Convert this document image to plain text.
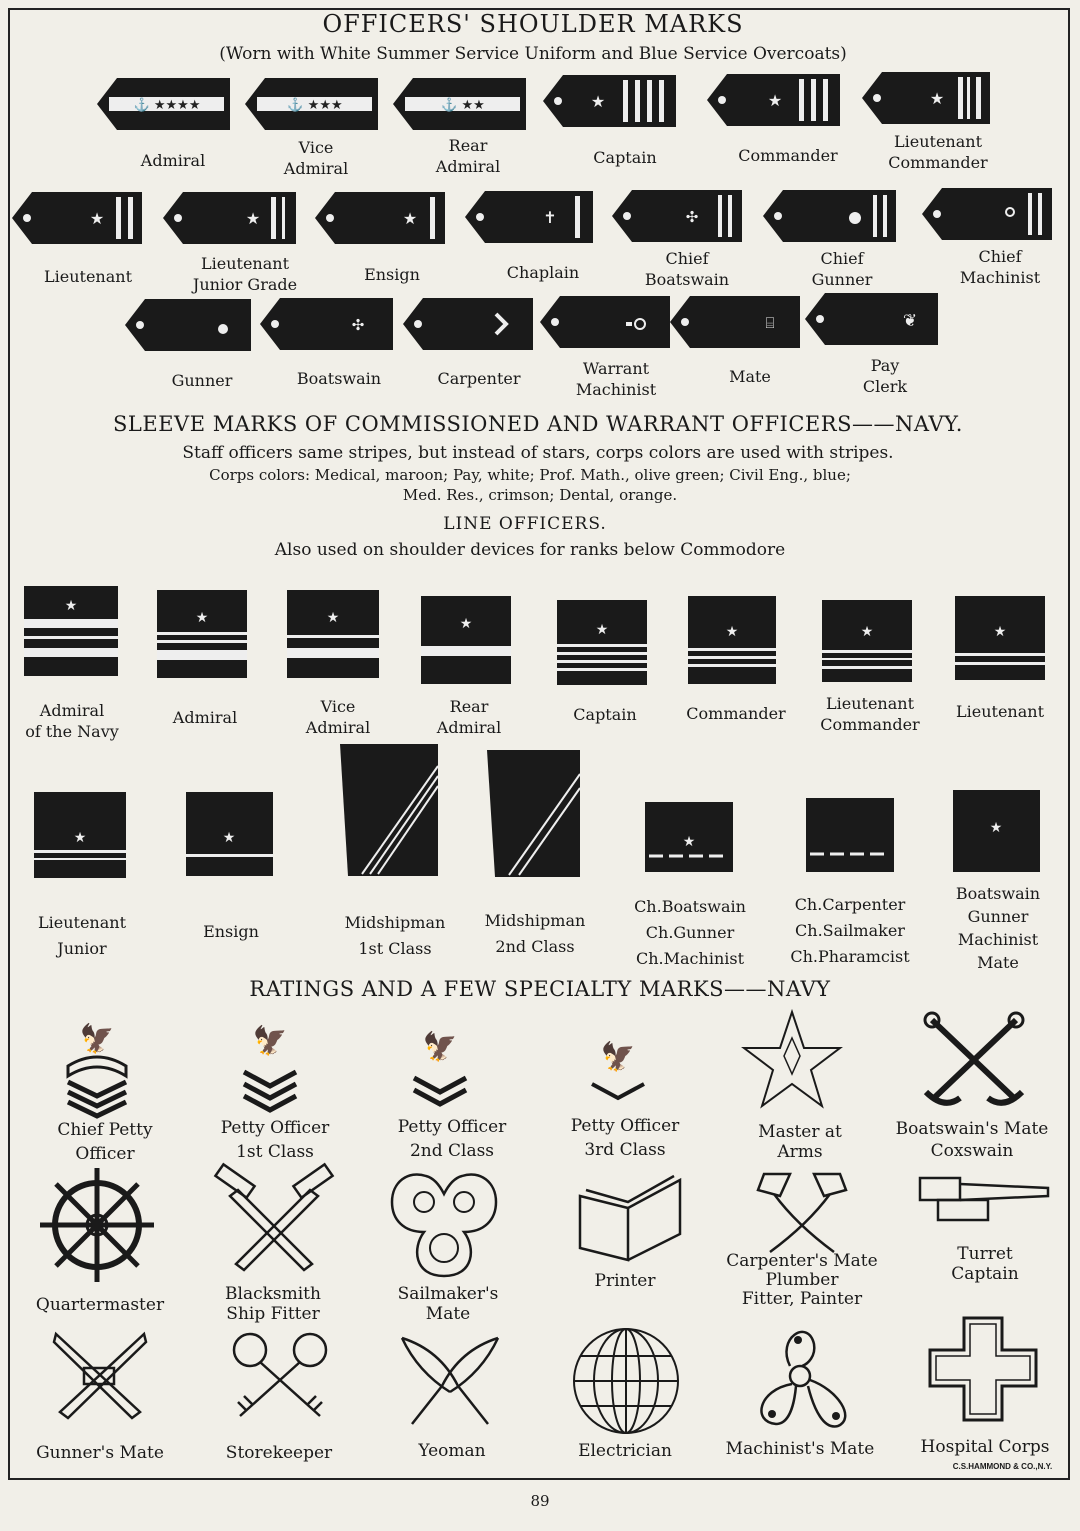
OFFICERS' SHOULDER MARKS
(Worn with White Summer Service Uniform and Blue Service Overcoats)
⚓ ★★★★
Admiral
⚓ ★★★
Vice
Admiral
⚓ ★★
Rear
Admiral
★
Captain
★
Commander
★
Lieutenant
Commander
★
Lieutenant
★
Lieutenant
Junior Grade
★
Ensign
✝
Chaplain
✣
Chief
Boatswain
Chief
Gunner
Chief
Machinist
Gunner
✣
Boatswain	Carpenter
Warrant
Machinist
⌸
Mate
❦
Pay
Clerk
SLEEVE MARKS OF COMMISSIONED AND WARRANT OFFICERS——NAVY.
Staff officers same stripes, but instead of stars, corps colors are used with stripes.
Corps colors: Medical, maroon; Pay, white; Prof. Math., olive green; Civil Eng., blue;
Med. Res., crimson; Dental, orange.
LINE OFFICERS.
Also used on shoulder devices for ranks below Commodore
★
Admiral
of the Navy
★
Admiral
★
Vice
Admiral
★
Rear
Admiral
★
Captain
★
Commander
★
Lieutenant
Commander
★
Lieutenant
★
Lieutenant
Junior
★
Ensign	Midshipman
1st Class
Midshipman
2nd Class
★
Ch.Boatswain
Ch.Gunner
Ch.Machinist
Ch.Carpenter
Ch.Sailmaker
Ch.Pharamcist
★
Boatswain
Gunner
Machinist
Mate
RATINGS AND A FEW SPECIALTY MARKS——NAVY
🦅
Chief Petty
Officer
🦅
Petty Officer
1st Class
🦅
Petty Officer
2nd Class
🦅
Petty Officer
3rd Class
Master at
Arms
Boatswain's Mate
Coxswain
Quartermaster
Blacksmith
Ship Fitter
Sailmaker's
Mate
Printer
Carpenter's Mate
Plumber
Fitter, Painter
Turret
Captain
Gunner's Mate	Storekeeper	Yeoman	Electrician	Machinist's Mate	Hospital Corps
C.S.HAMMOND & CO.,N.Y.
89
